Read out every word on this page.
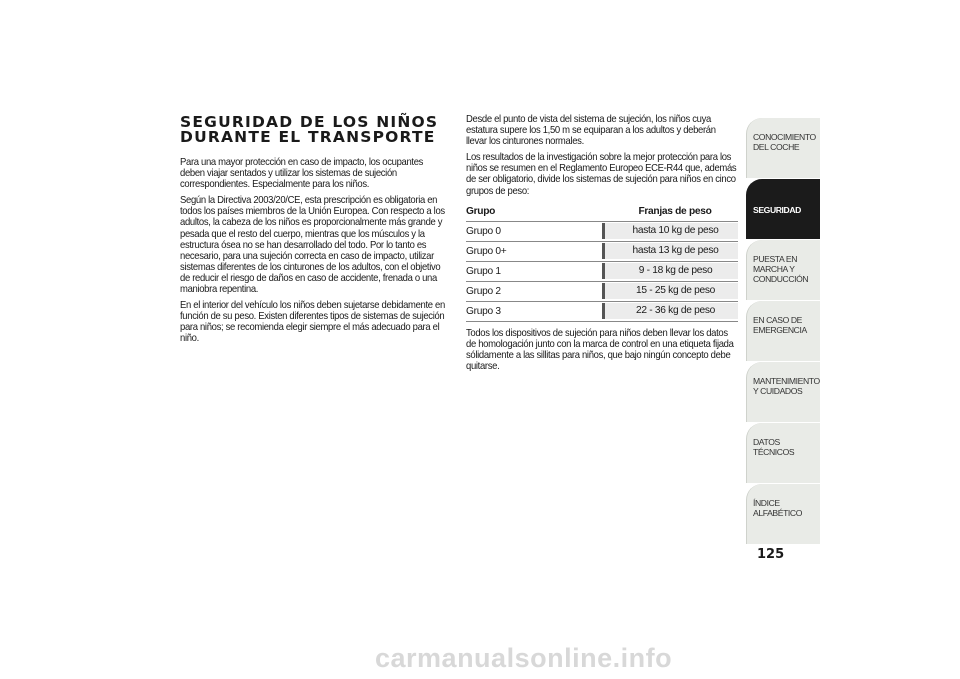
SEGURIDAD DE LOS NIÑOS
DURANTE EL TRANSPORTE

Para una mayor protección en caso de impacto, los ocupantes deben viajar sentados y utilizar los sistemas de sujeción correspondientes. Especialmente para los niños.

Según la Directiva 2003/20/CE, esta prescripción es obligatoria en todos los países miembros de la Unión Europea. Con respecto a los adultos, la cabeza de los niños es proporcionalmente más grande y pesada que el resto del cuerpo, mientras que los músculos y la estructura ósea no se han desarrollado del todo. Por lo tanto es necesario, para una sujeción correcta en caso de impacto, utilizar sistemas diferentes de los cinturones de los adultos, con el objetivo de reducir el riesgo de daños en caso de accidente, frenada o una maniobra repentina.

En el interior del vehículo los niños deben sujetarse debidamente en función de su peso. Existen diferentes tipos de sistemas de sujeción para niños; se recomienda elegir siempre el más adecuado para el niño.

Desde el punto de vista del sistema de sujeción, los niños cuya estatura supere los 1,50 m se equiparan a los adultos y deberán llevar los cinturones normales.

Los resultados de la investigación sobre la mejor protección para los niños se resumen en el Reglamento Europeo ECE-R44 que, además de ser obligatorio, divide los sistemas de sujeción para niños en cinco grupos de peso:

Grupo	Franjas de peso
Grupo 0	hasta 10 kg de peso
Grupo 0+	hasta 13 kg de peso
Grupo 1	9 - 18 kg de peso
Grupo 2	15 - 25 kg de peso
Grupo 3	22 - 36 kg de peso

Todos los dispositivos de sujeción para niños deben llevar los datos de homologación junto con la marca de control en una etiqueta fijada sólidamente a las sillitas para niños, que bajo ningún concepto debe quitarse.

CONOCIMIENTO DEL COCHE
SEGURIDAD
PUESTA EN MARCHA Y CONDUCCIÓN
EN CASO DE EMERGENCIA
MANTENIMIENTO Y CUIDADOS
DATOS TÉCNICOS
ÍNDICE ALFABÉTICO
125
carmanualsonline.info
